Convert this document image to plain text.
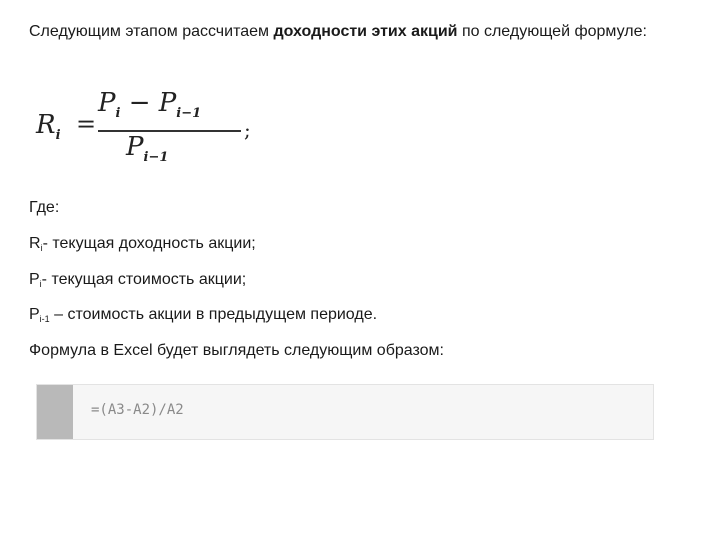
Следующим этапом рассчитаем доходности этих акций по следующей формуле:
$R_i$ =
$P_i - P_{i-1}$
$P_{i-1}$
;
Где:
$R_i-$ текущая доходность акции;
$P_i-$ текущая стоимость акции;
$P_{i-1}$ – стоимость акции в предыдущем периоде.
Формула в Excel будет выглядеть следующим образом:
=(A3-A2)/A2
